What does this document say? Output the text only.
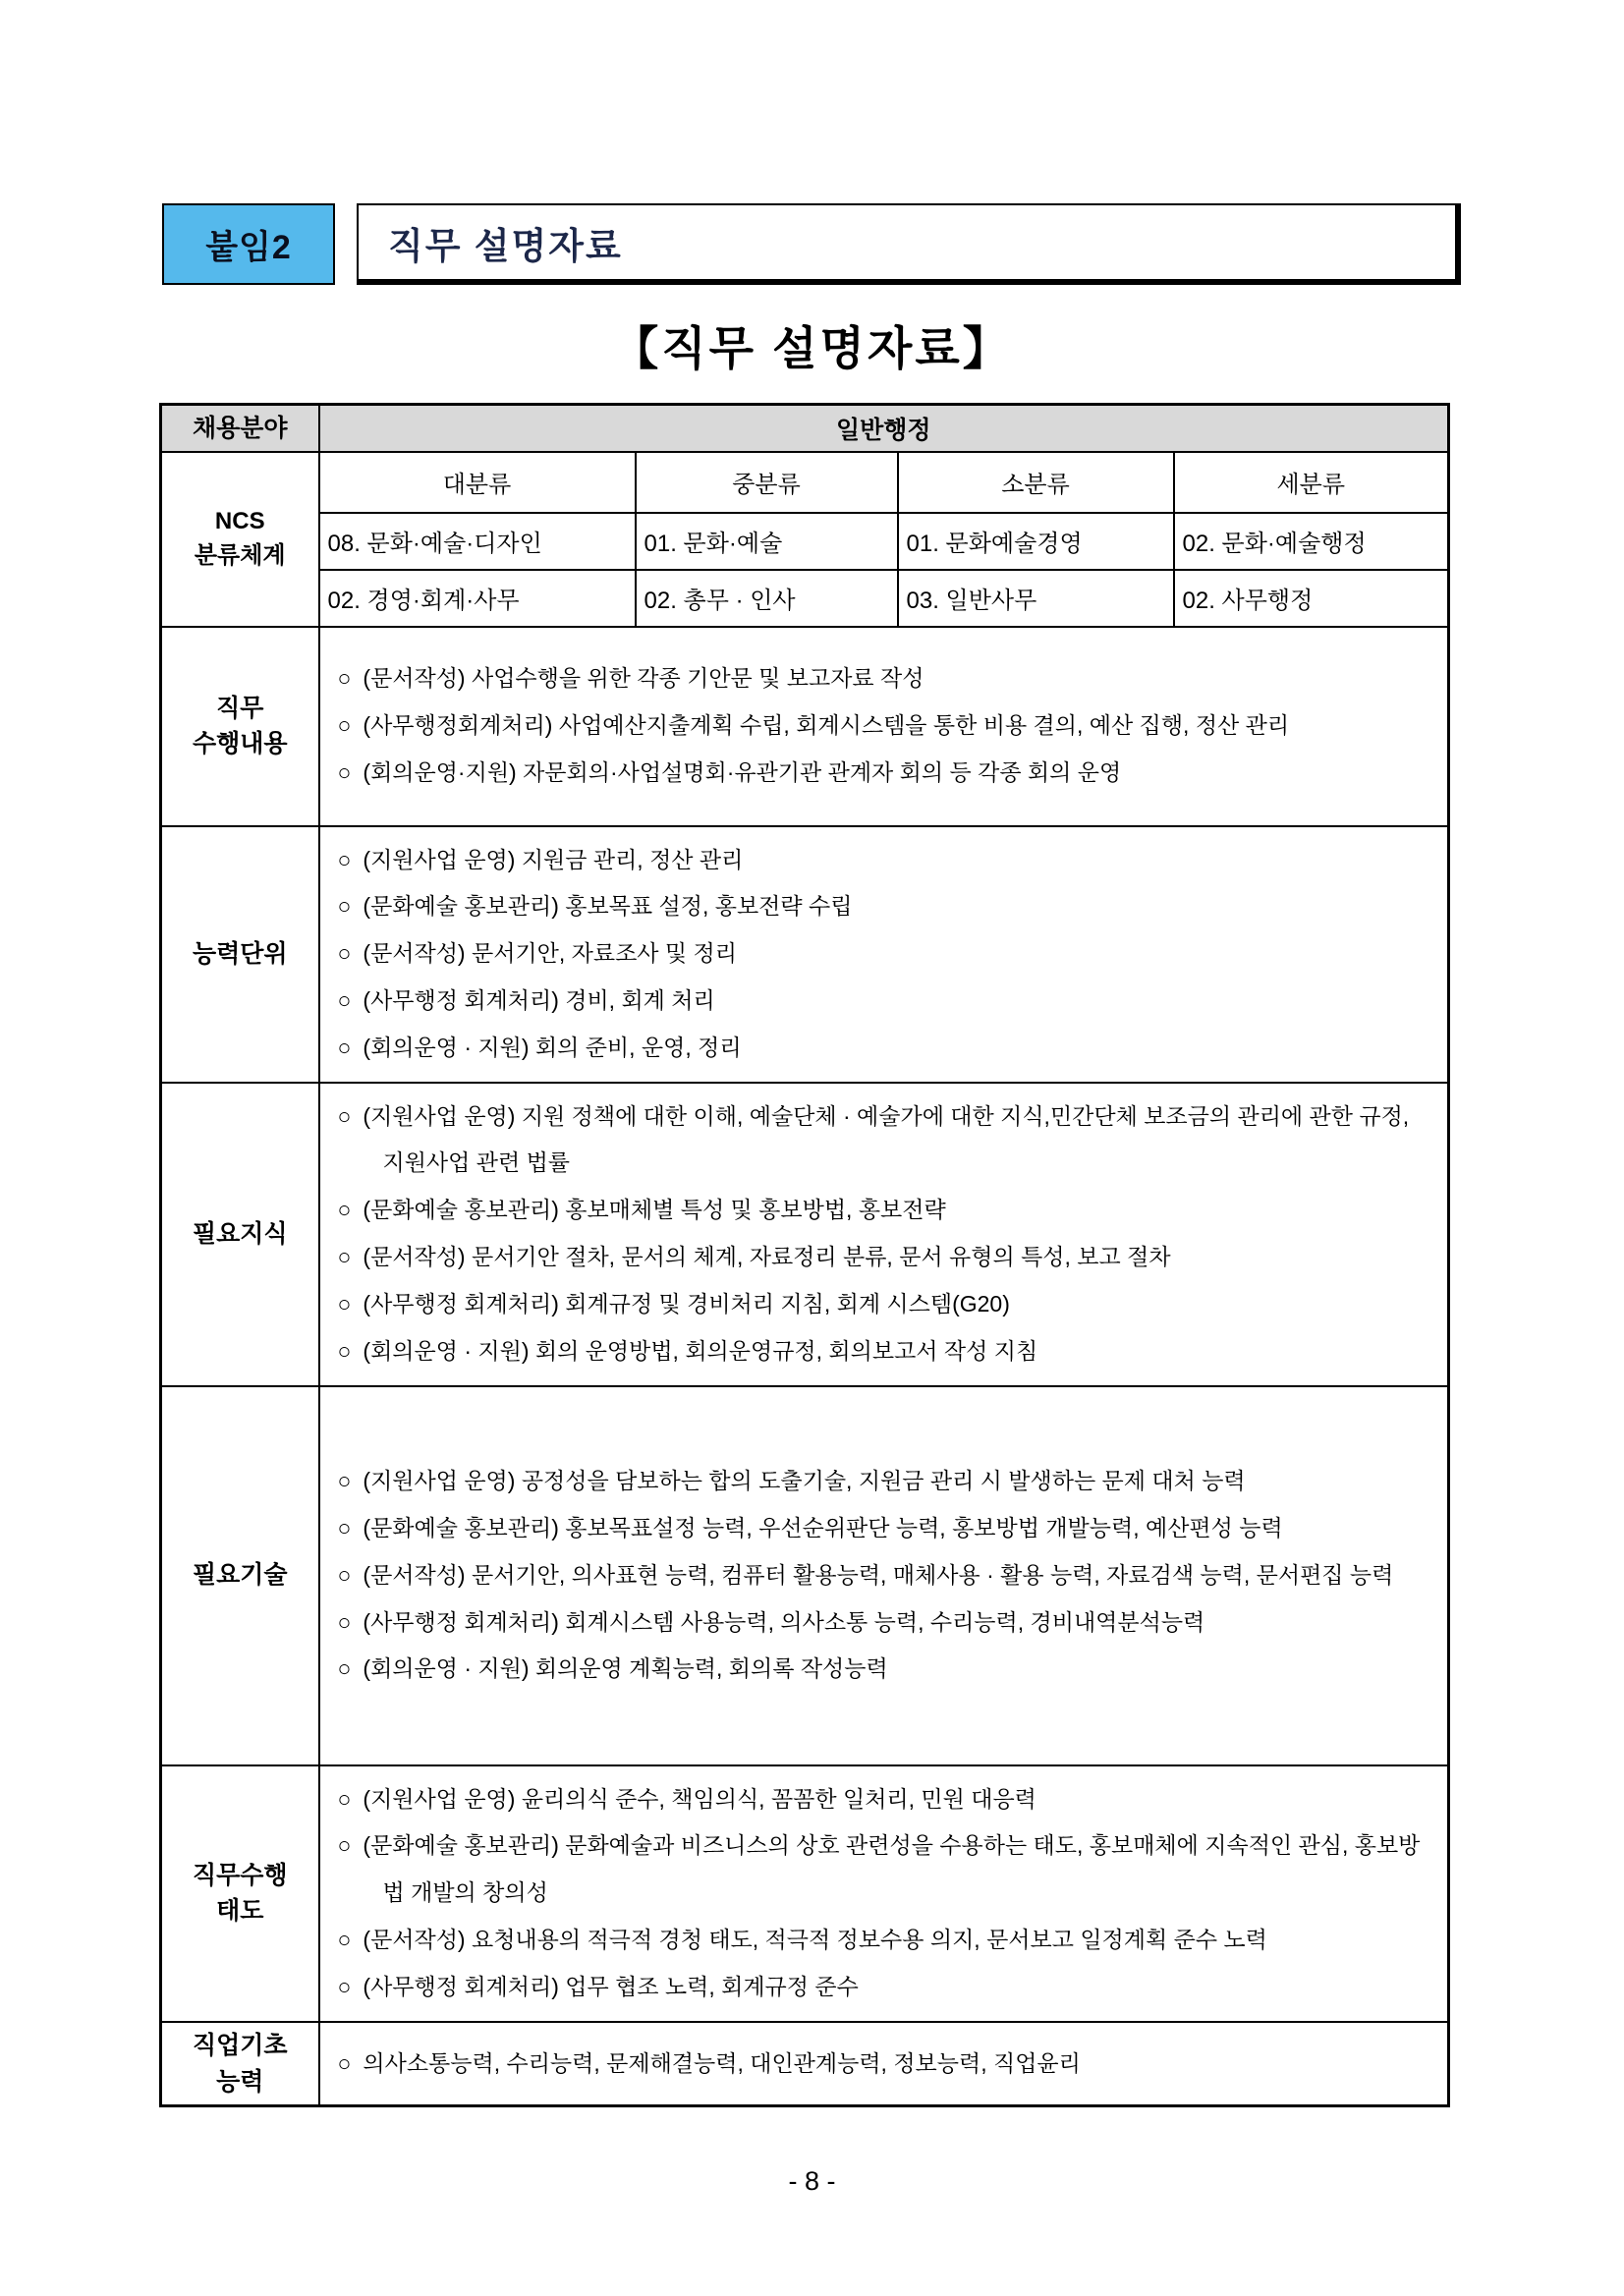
붙임2	직무 설명자료
【직무 설명자료】
채용분야	일반행정			

NCS
분류체계	대분류	중분류	소분류	세분류
	08. 문화·예술·디자인	01. 문화·예술	01. 문화예술경영	02. 문화·예술행정
	02. 경영·회계·사무	02. 총무 · 인사	03. 일반사무	02. 사무행정

직무
수행내용

○ (문서작성) 사업수행을 위한 각종 기안문 및 보고자료 작성
○ (사무행정회계처리) 사업예산지출계획 수립, 회계시스템을 통한 비용 결의, 예산 집행, 정산 관리
○ (회의운영·지원) 자문회의·사업설명회·유관기관 관계자 회의 등 각종 회의 운영

능력단위	○ (지원사업 운영) 지원금 관리, 정산 관리
○ (문화예술 홍보관리) 홍보목표 설정, 홍보전략 수립
○ (문서작성) 문서기안, 자료조사 및 정리
○ (사무행정 회계처리) 경비, 회계 처리
○ (회의운영 · 지원) 회의 준비, 운영, 정리			

필요지식	○ (지원사업 운영) 지원 정책에 대한 이해, 예술단체 · 예술가에 대한 지식,민간단체 보조금의 관리에 관한 규정, 지원사업 관련 법률
○ (문화예술 홍보관리) 홍보매체별 특성 및 홍보방법, 홍보전략
○ (문서작성) 문서기안 절차, 문서의 체계, 자료정리 분류, 문서 유형의 특성, 보고 절차
○ (사무행정 회계처리) 회계규정 및 경비처리 지침, 회계 시스템(G20)
○ (회의운영 · 지원) 회의 운영방법, 회의운영규정, 회의보고서 작성 지침			

필요기술	○ (지원사업 운영) 공정성을 담보하는 합의 도출기술, 지원금 관리 시 발생하는 문제 대처 능력
○ (문화예술 홍보관리) 홍보목표설정 능력, 우선순위판단 능력, 홍보방법 개발능력, 예산편성 능력
○ (문서작성) 문서기안, 의사표현 능력, 컴퓨터 활용능력, 매체사용 · 활용 능력, 자료검색 능력, 문서편집 능력
○ (사무행정 회계처리) 회계시스템 사용능력, 의사소통 능력, 수리능력, 경비내역분석능력
○ (회의운영 · 지원) 회의운영 계획능력, 회의록 작성능력			

직무수행
태도

○ (지원사업 운영) 윤리의식 준수, 책임의식, 꼼꼼한 일처리, 민원 대응력
○ (문화예술 홍보관리) 문화예술과 비즈니스의 상호 관련성을 수용하는 태도, 홍보매체에 지속적인 관심, 홍보방법 개발의 창의성
○ (문서작성) 요청내용의 적극적 경청 태도, 적극적 정보수용 의지, 문서보고 일정계획 준수 노력
○ (사무행정 회계처리) 업무 협조 노력, 회계규정 준수

직업기초
능력	○ 의사소통능력, 수리능력, 문제해결능력, 대인관계능력, 정보능력, 직업윤리			
- 8 -
